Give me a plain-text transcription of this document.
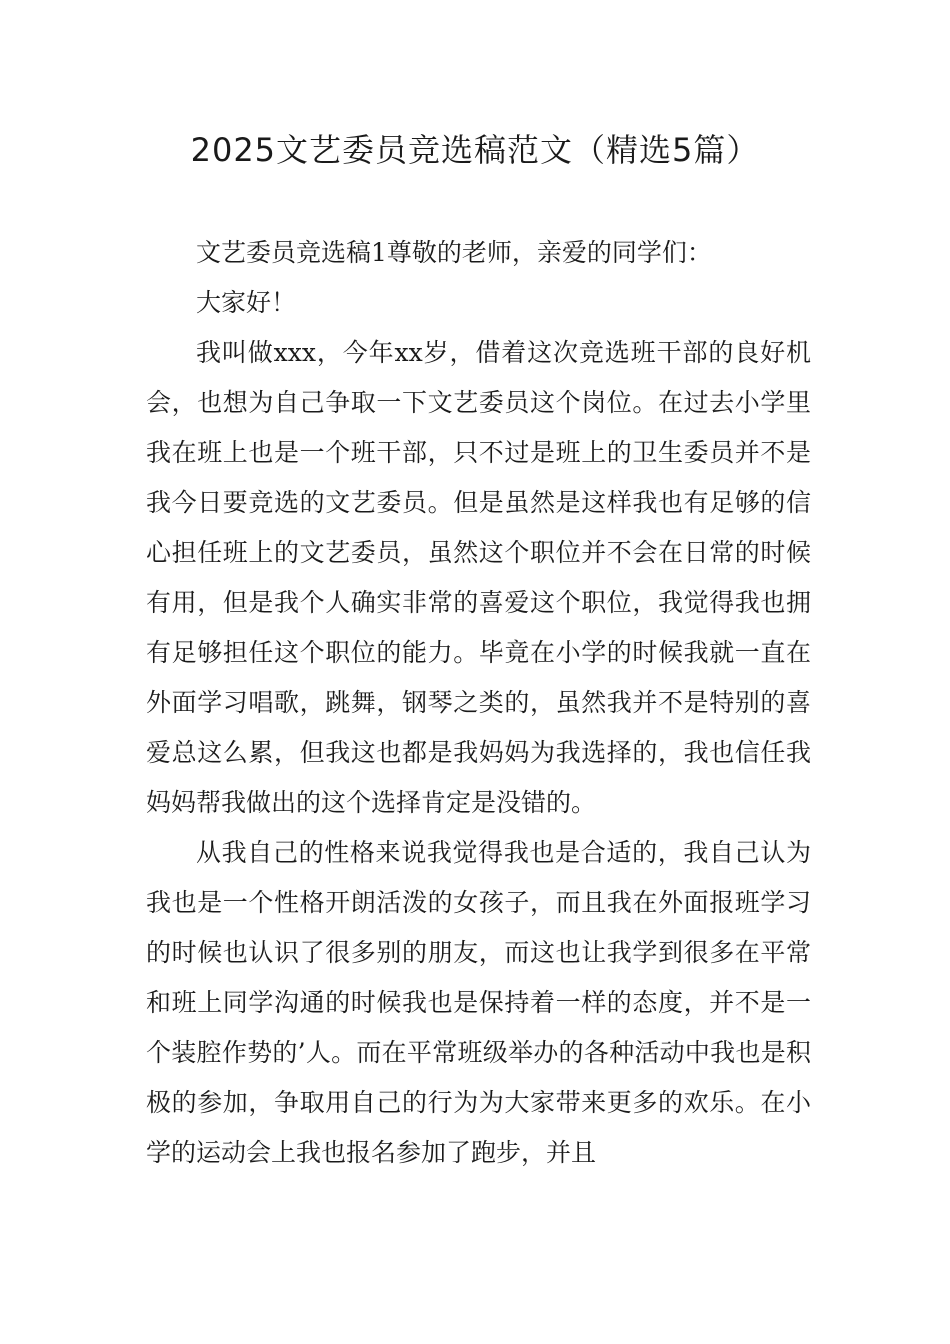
2025文艺委员竞选稿范文（精选5篇）

文艺委员竞选稿1尊敬的老师，亲爱的同学们：

大家好！

我叫做xxx，今年xx岁，借着这次竞选班干部的良好机会，也想为自己争取一下文艺委员这个岗位。在过去小学里我在班上也是一个班干部，只不过是班上的卫生委员并不是我今日要竞选的文艺委员。但是虽然是这样我也有足够的信心担任班上的文艺委员，虽然这个职位并不会在日常的时候有用，但是我个人确实非常的喜爱这个职位，我觉得我也拥有足够担任这个职位的能力。毕竟在小学的时候我就一直在外面学习唱歌，跳舞，钢琴之类的，虽然我并不是特别的喜爱总这么累，但我这也都是我妈妈为我选择的，我也信任我妈妈帮我做出的这个选择肯定是没错的。

从我自己的性格来说我觉得我也是合适的，我自己认为我也是一个性格开朗活泼的女孩子，而且我在外面报班学习的时候也认识了很多别的朋友，而这也让我学到很多在平常和班上同学沟通的时候我也是保持着一样的态度，并不是一个装腔作势的’人。而在平常班级举办的各种活动中我也是积极的参加，争取用自己的行为为大家带来更多的欢乐。在小学的运动会上我也报名参加了跑步，并且
